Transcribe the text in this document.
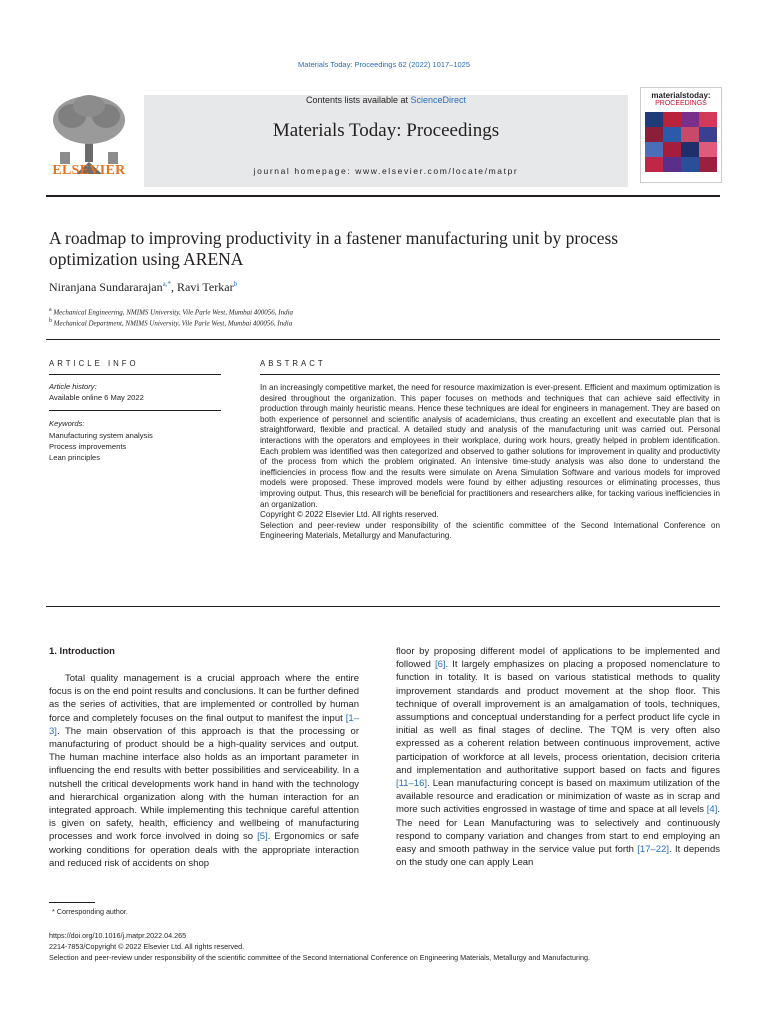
Materials Today: Proceedings 62 (2022) 1017–1025
ELSEVIER
Contents lists available at ScienceDirect
Materials Today: Proceedings
journal homepage: www.elsevier.com/locate/matpr
materialstoday:
PROCEEDINGS
A roadmap to improving productivity in a fastener manufacturing unit by process optimization using ARENA
Niranjana Sundararajan$^{a,*}$, Ravi Terkar$^b$
$^a$ Mechanical Engineering, NMIMS University, Vile Parle West, Mumbai 400056, India
$^b$ Mechanical Department, NMIMS University, Vile Parle West, Mumbai 400056, India
ARTICLE INFO
Article history:
Available online 6 May 2022
Keywords:
Manufacturing system analysis
Process improvements
Lean principles
ABSTRACT

In an increasingly competitive market, the need for resource maximization is ever-present. Efficient and maximum optimization is desired throughout the organization. This paper focuses on methods and techniques that can achieve said effectivity in production through mainly heuristic means. Hence these techniques are ideal for engineers in management. They are based on both experience of personnel and scientific analysis of academicians, thus creating an excellent and executable plan that is straightforward, flexible and practical. A detailed study and analysis of the manufacturing unit was carried out. Personal interactions with the operators and employees in their workplace, during work hours, greatly helped in problem identification. Each problem was identified was then categorized and observed to gather solutions for improvement in quality and productivity of the process from which the problem originated. An intensive time-study analysis was also done to understand the inefficiencies in process flow and the results were simulate on Arena Simulation Software and various models for improved models were proposed. These improved models were found by either adjusting resources or eliminating processes, thus improving output. Thus, this research will be beneficial for practitioners and researchers alike, for tacking various inefficiencies in an organization.

Copyright © 2022 Elsevier Ltd. All rights reserved.

Selection and peer-review under responsibility of the scientific committee of the Second International Conference on Engineering Materials, Metallurgy and Manufacturing.

1. Introduction

Total quality management is a crucial approach where the entire focus is on the end point results and conclusions. It can be further defined as the series of activities, that are implemented or controlled by human force and completely focuses on the final output to manifest the input [1–3]. The main observation of this approach is that the processing or manufacturing of product should be a high-quality services and output. The human machine interface also holds as an important parameter in influencing the end results with better possibilities and serviceability. In a nutshell the critical developments work hand in hand with the technology and hierarchical organization along with the human interaction for an integrated approach. While implementing this technique careful attention is given on safety, health, efficiency and wellbeing of manufacturing processes and work force involved in doing so [5]. Ergonomics or safe working conditions for operation deals with the appropriate interaction and reduced risk of accidents on shop

floor by proposing different model of applications to be implemented and followed [6]. It largely emphasizes on placing a proposed nomenclature to function in totality. It is based on various statistical methods to quality improvement standards and product movement at the shop floor. This technique of overall improvement is an amalgamation of tools, techniques, assumptions and conceptual understanding for a perfect product life cycle in initial as well as final stages of decline. The TQM is very often also expressed as a coherent relation between continuous improvement, active participation of workforce at all levels, process orientation, decision criteria and implementation and authoritative support based on facts and figures [11–16]. Lean manufacturing concept is based on maximum utilization of the available resource and eradication or minimization of waste as in scrap and more such activities engrossed in wastage of time and space at all levels [4]. The need for Lean Manufacturing was to selectively and continuously respond to company variation and changes from start to end employing an easy and smooth pathway in the service value put forth [17–22]. It depends on the study one can apply Lean

* Corresponding author.
https://doi.org/10.1016/j.matpr.2022.04.265
2214-7853/Copyright © 2022 Elsevier Ltd. All rights reserved.
Selection and peer-review under responsibility of the scientific committee of the Second International Conference on Engineering Materials, Metallurgy and Manufacturing.
